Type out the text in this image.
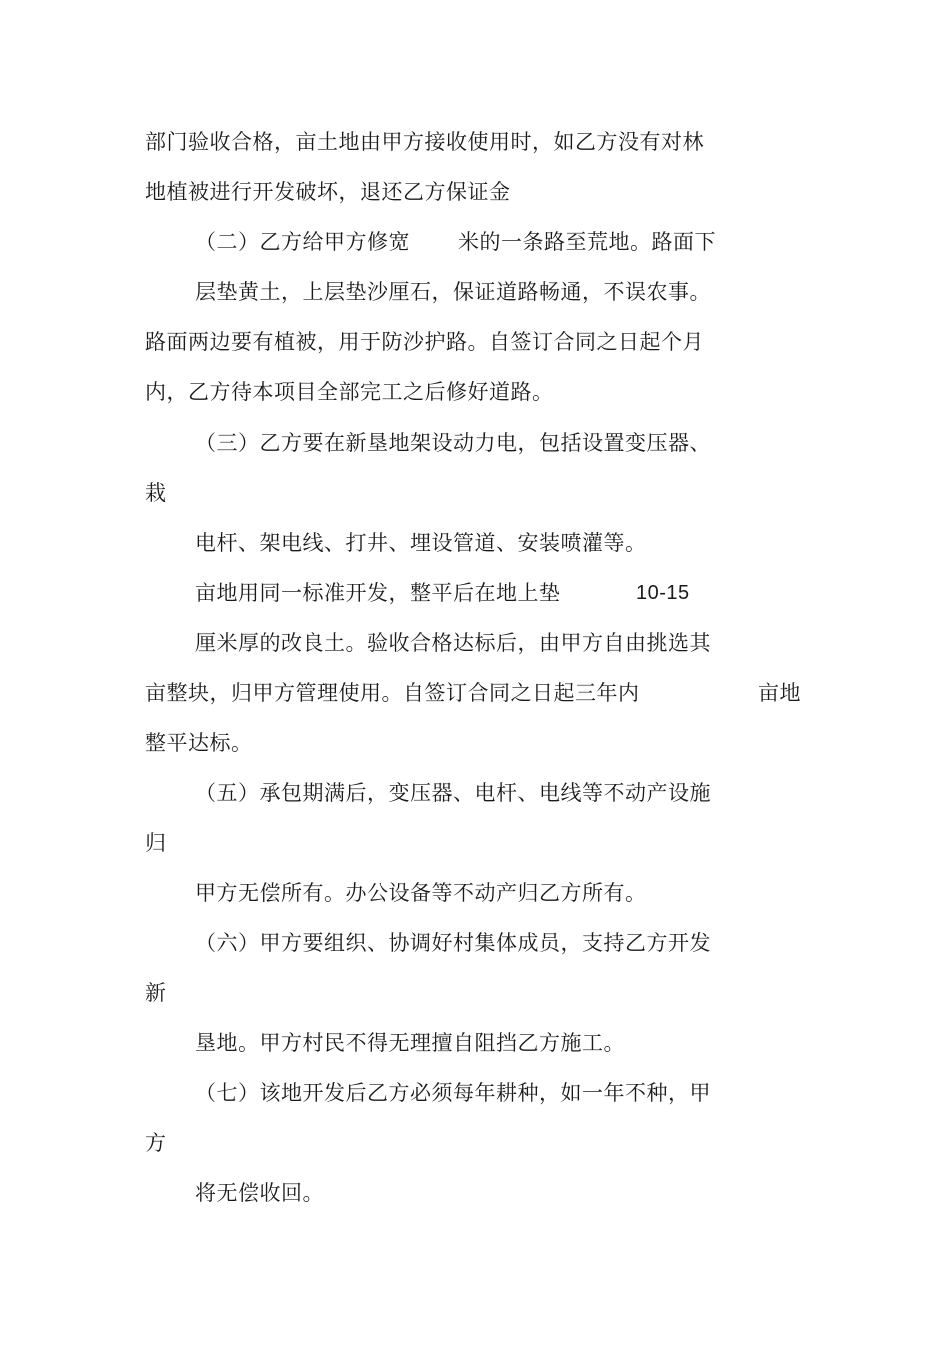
部门验收合格，亩土地由甲方接收使用时，如乙方没有对林
地植被进行开发破坏，退还乙方保证金
（二）乙方给甲方修宽 米的一条路至荒地。路面下
层垫黄土，上层垫沙厘石，保证道路畅通，不误农事。
路面两边要有植被，用于防沙护路。自签订合同之日起个月
内，乙方待本项目全部完工之后修好道路。
（三）乙方要在新垦地架设动力电，包括设置变压器、
栽
电杆、架电线、打井、埋设管道、安装喷灌等。
亩地用同一标准开发，整平后在地上垫	10-15
厘米厚的改良土。验收合格达标后，由甲方自由挑选其
亩整块，归甲方管理使用。自签订合同之日起三年内	亩地
整平达标。
（五）承包期满后，变压器、电杆、电线等不动产设施
归
甲方无偿所有。办公设备等不动产归乙方所有。
（六）甲方要组织、协调好村集体成员，支持乙方开发
新
垦地。甲方村民不得无理擅自阻挡乙方施工。
（七）该地开发后乙方必须每年耕种，如一年不种，甲
方
将无偿收回。
